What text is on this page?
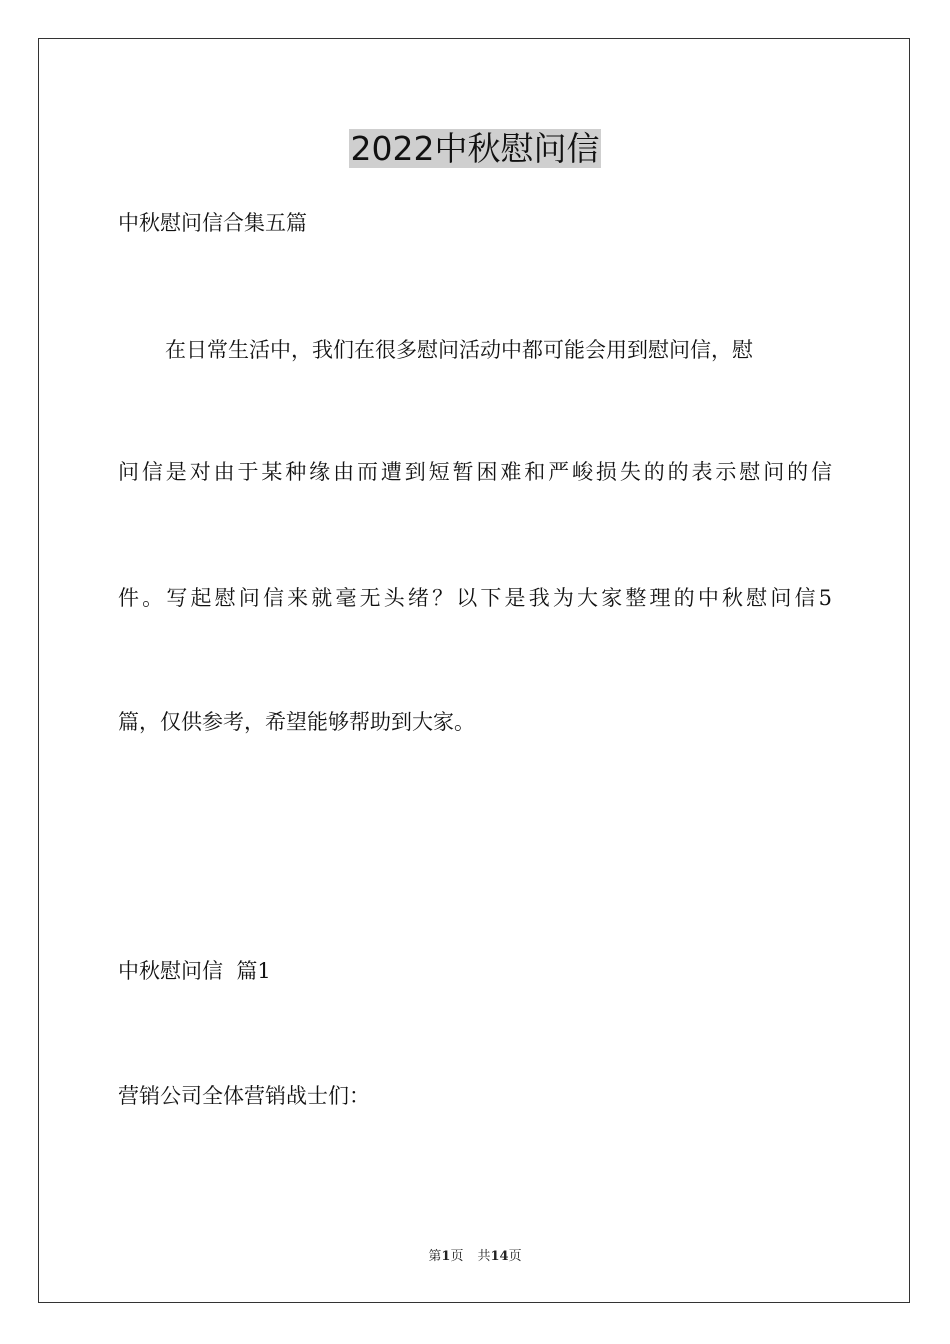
2022中秋慰问信
中秋慰问信合集五篇
在日常生活中，我们在很多慰问活动中都可能会用到慰问信，慰
问信是对由于某种缘由而遭到短暂困难和严峻损失的的表示慰问的信
件。写起慰问信来就毫无头绪？以下是我为大家整理的中秋慰问信5
篇，仅供参考，希望能够帮助到大家。
中秋慰问信  篇1
营销公司全体营销战士们：
第1页 共14页
